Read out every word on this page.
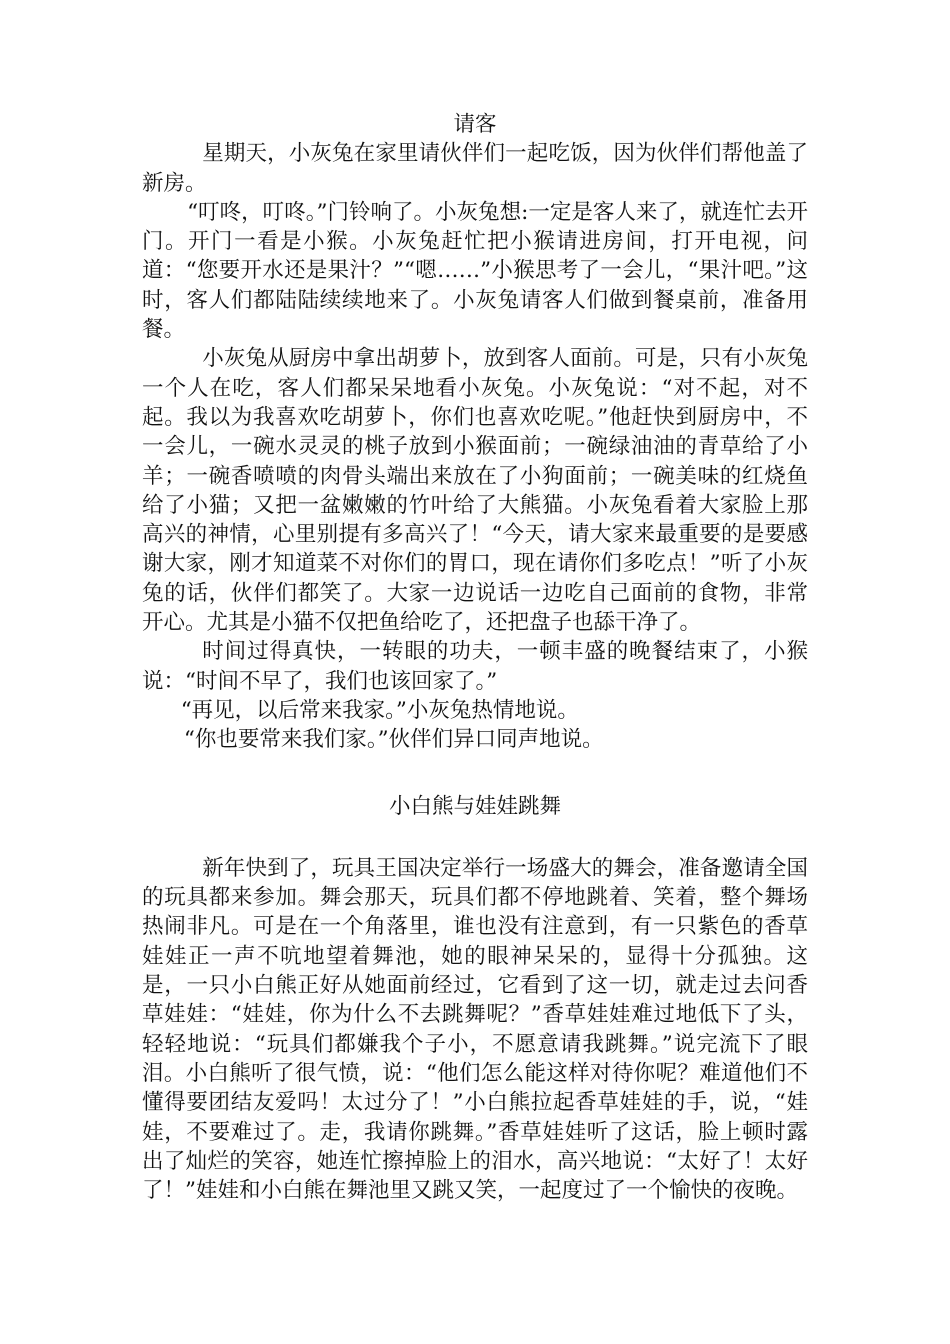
请客

星期天，小灰兔在家里请伙伴们一起吃饭，因为伙伴们帮他盖了新房。

“叮咚，叮咚。”门铃响了。小灰兔想:一定是客人来了，就连忙去开门。开门一看是小猴。小灰兔赶忙把小猴请进房间，打开电视，问道：“您要开水还是果汁？”“嗯……”小猴思考了一会儿，“果汁吧。”这时，客人们都陆陆续续地来了。小灰兔请客人们做到餐桌前，准备用餐。

小灰兔从厨房中拿出胡萝卜，放到客人面前。可是，只有小灰兔一个人在吃，客人们都呆呆地看小灰兔。小灰兔说：“对不起，对不起。我以为我喜欢吃胡萝卜，你们也喜欢吃呢。”他赶快到厨房中，不一会儿，一碗水灵灵的桃子放到小猴面前；一碗绿油油的青草给了小羊；一碗香喷喷的肉骨头端出来放在了小狗面前；一碗美味的红烧鱼给了小猫；又把一盆嫩嫩的竹叶给了大熊猫。小灰兔看着大家脸上那高兴的神情，心里别提有多高兴了！“今天，请大家来最重要的是要感谢大家，刚才知道菜不对你们的胃口，现在请你们多吃点！”听了小灰兔的话，伙伴们都笑了。大家一边说话一边吃自己面前的食物，非常开心。尤其是小猫不仅把鱼给吃了，还把盘子也舔干净了。

时间过得真快，一转眼的功夫，一顿丰盛的晚餐结束了，小猴说：“时间不早了，我们也该回家了。”

“再见，以后常来我家。”小灰兔热情地说。

“你也要常来我们家。”伙伴们异口同声地说。

小白熊与娃娃跳舞

新年快到了，玩具王国决定举行一场盛大的舞会，准备邀请全国的玩具都来参加。舞会那天，玩具们都不停地跳着、笑着，整个舞场热闹非凡。可是在一个角落里，谁也没有注意到，有一只紫色的香草娃娃正一声不吭地望着舞池，她的眼神呆呆的，显得十分孤独。这是，一只小白熊正好从她面前经过，它看到了这一切，就走过去问香草娃娃：“娃娃，你为什么不去跳舞呢？”香草娃娃难过地低下了头，轻轻地说：“玩具们都嫌我个子小，不愿意请我跳舞。”说完流下了眼泪。小白熊听了很气愤，说：“他们怎么能这样对待你呢？难道他们不懂得要团结友爱吗！太过分了！”小白熊拉起香草娃娃的手，说，“娃娃，不要难过了。走，我请你跳舞。”香草娃娃听了这话，脸上顿时露出了灿烂的笑容，她连忙擦掉脸上的泪水，高兴地说：“太好了！太好了！”娃娃和小白熊在舞池里又跳又笑，一起度过了一个愉快的夜晚。
